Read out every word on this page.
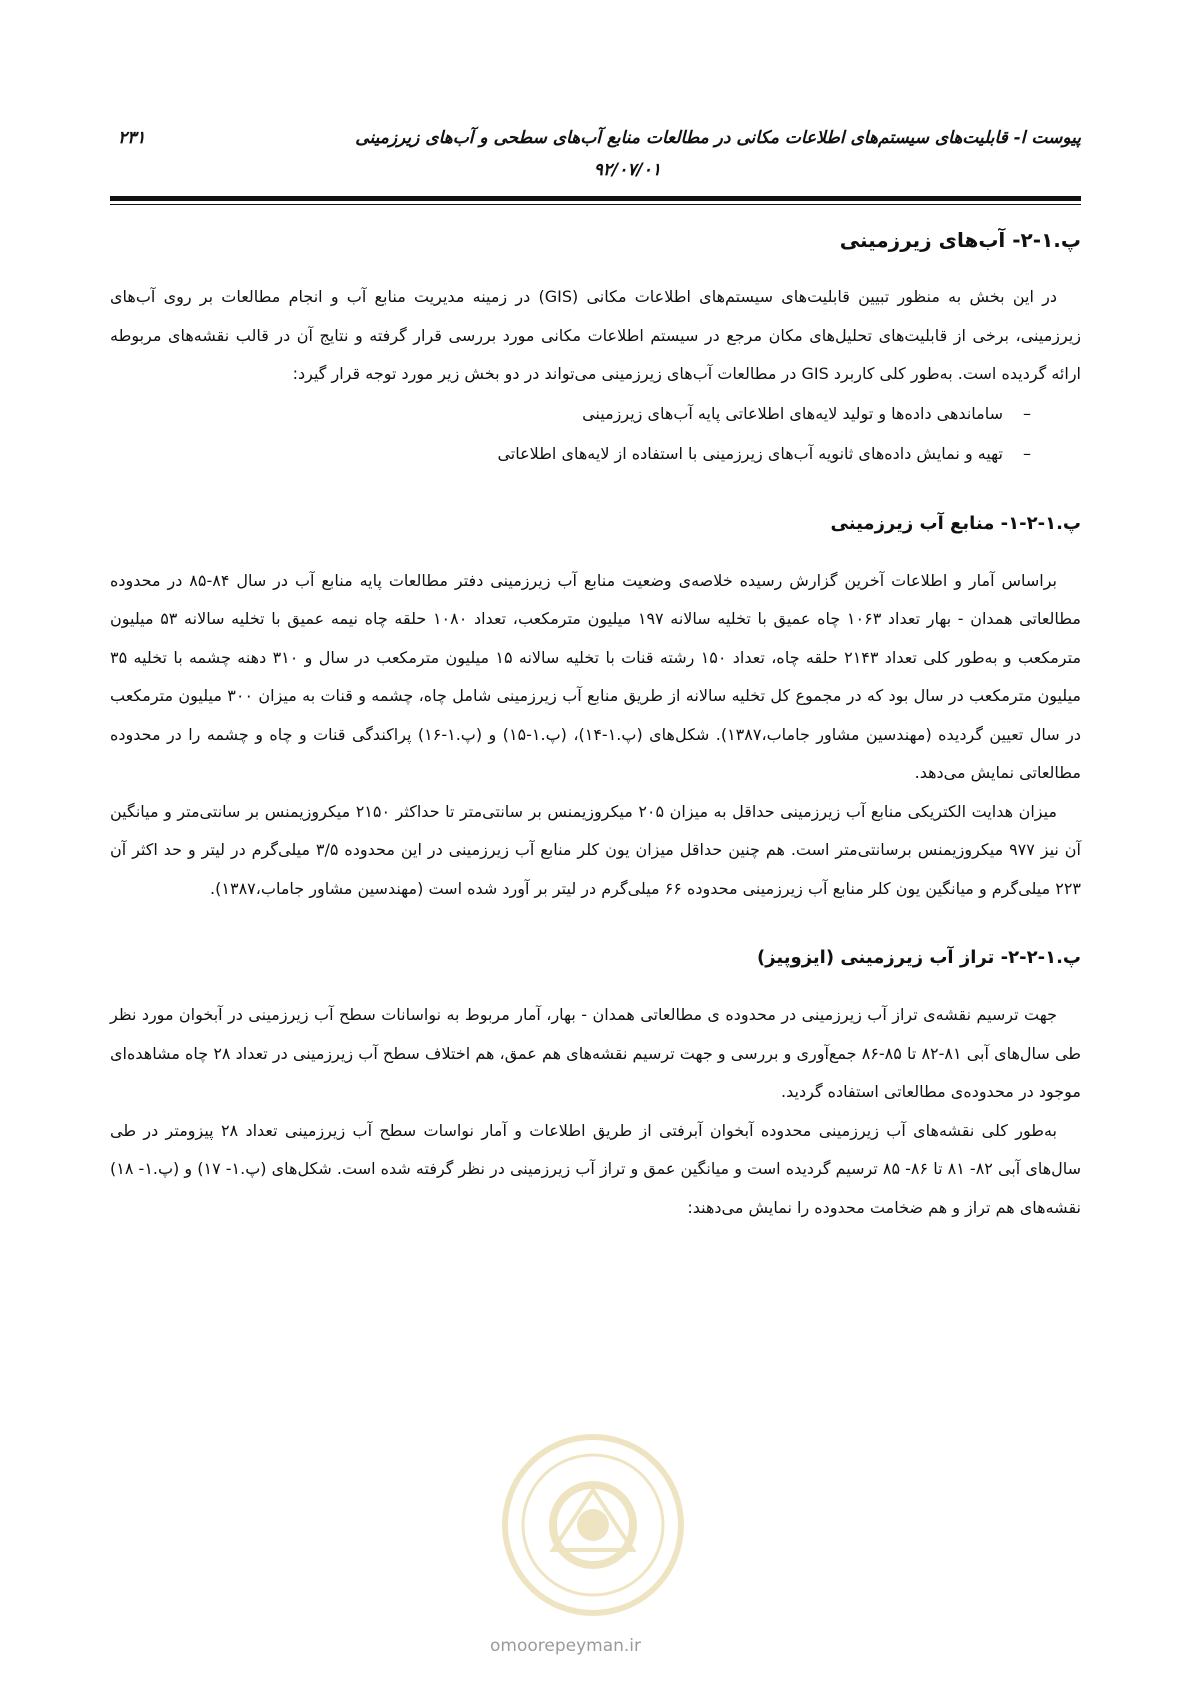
پیوست ا- قابلیت‌های سیستم‌های اطلاعات مکانی در مطالعات منابع آب‌های سطحی و آب‌های زیرزمینی
۹۲/۰۷/۰۱
۲۳۱
پ.۱-۲- آب‌های زیرزمینی

در این بخش به منظور تبیین قابلیت‌های سیستم‌های اطلاعات مکانی (GIS) در زمینه مدیریت منابع آب و انجام مطالعات بر روی آب‌های زیرزمینی، برخی از قابلیت‌های تحلیل‌های مکان مرجع در سیستم اطلاعات مکانی مورد بررسی قرار گرفته و نتایج آن در قالب نقشه‌های مربوطه ارائه گردیده است. به‌طور کلی کاربرد GIS در مطالعات آب‌های زیرزمینی می‌تواند در دو بخش زیر مورد توجه قرار گیرد:

–ساماندهی داده‌ها و تولید لایه‌های اطلاعاتی پایه آب‌های زیرزمینی
–تهیه و نمایش داده‌های ثانویه آب‌های زیرزمینی با استفاده از لایه‌های اطلاعاتی
پ.۱-۲-۱- منابع آب زیرزمینی

براساس آمار و اطلاعات آخرین گزارش رسیده خلاصه‌ی وضعیت منابع آب زیرزمینی دفتر مطالعات پایه منابع آب در سال ۸۴-۸۵ در محدوده مطالعاتی همدان - بهار تعداد ۱۰۶۳ چاه عمیق با تخلیه سالانه ۱۹۷ میلیون مترمکعب، تعداد ۱۰۸۰ حلقه چاه نیمه عمیق با تخلیه سالانه ۵۳ میلیون مترمکعب و به‌طور کلی تعداد ۲۱۴۳ حلقه چاه، تعداد ۱۵۰ رشته قنات با تخلیه سالانه ۱۵ میلیون مترمکعب در سال و ۳۱۰ دهنه چشمه با تخلیه ۳۵ میلیون مترمکعب در سال بود که در مجموع کل تخلیه سالانه از طریق منابع آب زیرزمینی شامل چاه، چشمه و قنات به میزان ۳۰۰ میلیون مترمکعب در سال تعیین گردیده (مهندسین مشاور جاماب،۱۳۸۷). شکل‌های (پ.۱-۱۴)، (پ.۱-۱۵) و (پ.۱-۱۶) پراکندگی قنات و چاه و چشمه را در محدوده مطالعاتی نمایش می‌دهد.

میزان هدایت الکتریکی منابع آب زیرزمینی حداقل به میزان ۲۰۵ میکروزیمنس بر سانتی‌متر تا حداکثر ۲۱۵۰ میکروزیمنس بر سانتی‌متر و میانگین آن نیز ۹۷۷ میکروزیمنس برسانتی‌متر است. هم چنین حداقل میزان یون کلر منابع آب زیرزمینی در این محدوده ۳/۵ میلی‌گرم در لیتر و حد اکثر آن ۲۲۳ میلی‌گرم و میانگین یون کلر منابع آب زیرزمینی محدوده ۶۶ میلی‌گرم در لیتر بر آورد شده است (مهندسین مشاور جاماب،۱۳۸۷).

پ.۱-۲-۲- تراز آب زیرزمینی (ایزوپیز)

جهت ترسیم نقشه‌ی تراز آب زیرزمینی در محدوده ی مطالعاتی همدان - بهار، آمار مربوط به نواسانات سطح آب زیرزمینی در آبخوان مورد نظر طی سال‌های آبی ۸۱-۸۲ تا ۸۵-۸۶ جمع‌آوری و بررسی و جهت ترسیم نقشه‌های هم عمق، هم اختلاف سطح آب زیرزمینی در تعداد ۲۸ چاه مشاهده‌ای موجود در محدوده‌ی مطالعاتی استفاده گردید.

به‌طور کلی نقشه‌های آب زیرزمینی محدوده آبخوان آبرفتی از طریق اطلاعات و آمار نواسات سطح آب زیرزمینی تعداد ۲۸ پیزومتر در طی سال‌های آبی ۸۲- ۸۱ تا ۸۶- ۸۵ ترسیم گردیده است و میانگین عمق و تراز آب زیرزمینی در نظر گرفته شده است. شکل‌های (پ.۱- ۱۷) و (پ.۱- ۱۸) نقشه‌های هم تراز و هم ضخامت محدوده را نمایش می‌دهند:

omoorepeyman.ir
